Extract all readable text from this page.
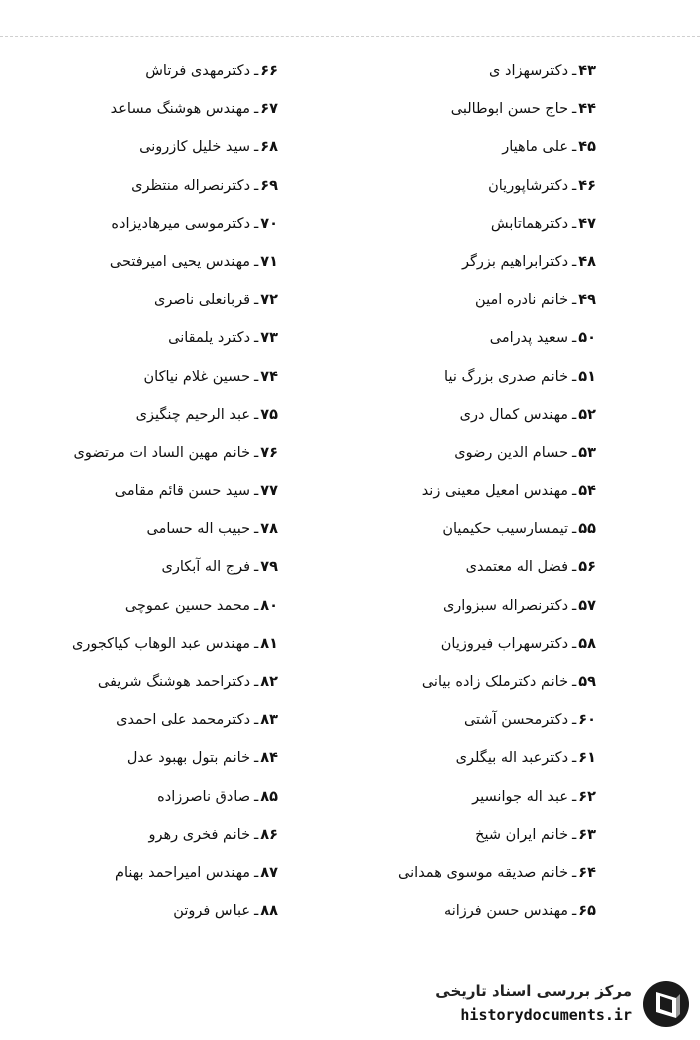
۴۳ـدکترسهزاد ی
۴۴ـحاج حسن ابوطالبی
۴۵ـعلی ماهیار
۴۶ـدکترشاپوریان
۴۷ـدکترهماتابش
۴۸ـدکترابراهیم بزرگر
۴۹ـخانم نادره امین
۵۰ـسعید پدرامی
۵۱ـخانم صدری بزرگ نیا
۵۲ـمهندس کمال دری
۵۳ـحسام الدین رضوی
۵۴ـمهندس امعیل معینی زند
۵۵ـتیمسارسیب حکیمیان
۵۶ـفضل اله معتمدی
۵۷ـدکترنصراله سبزواری
۵۸ـدکترسهراب فیروزیان
۵۹ـخانم دکترملک زاده بیانی
۶۰ـدکترمحسن آشتی
۶۱ـدکترعبد اله بیگلری
۶۲ـعبد اله جوانسیر
۶۳ـخانم ایران شیخ
۶۴ـخانم صدیقه موسوی همدانی
۶۵ـمهندس حسن فرزانه
۶۶ـدکترمهدی فرتاش
۶۷ـمهندس هوشنگ مساعد
۶۸ـسید خلیل کازرونی
۶۹ـدکترنصراله منتظری
۷۰ـدکترموسی میرهادیزاده
۷۱ـمهندس یحیی امیرفتحی
۷۲ـقربانعلی ناصری
۷۳ـدکترد یلمقانی
۷۴ـحسین غلام نیاکان
۷۵ـعبد الرحیم چنگیزی
۷۶ـخانم مهین الساد ات مرتضوی
۷۷ـسید حسن قائم مقامی
۷۸ـحبیب اله حسامی
۷۹ـفرج اله آبکاری
۸۰ـمحمد حسین عموچی
۸۱ـمهندس عبد الوهاب کیاکجوری
۸۲ـدکتراحمد هوشنگ شریفی
۸۳ـدکترمحمد علی احمدی
۸۴ـخانم بتول بهبود عدل
۸۵ـصادق ناصرزاده
۸۶ـخانم فخری رهرو
۸۷ـمهندس امیراحمد بهنام
۸۸ـعباس فروتن
مرکز بررسی اسناد تاریخی
historydocuments.ir
